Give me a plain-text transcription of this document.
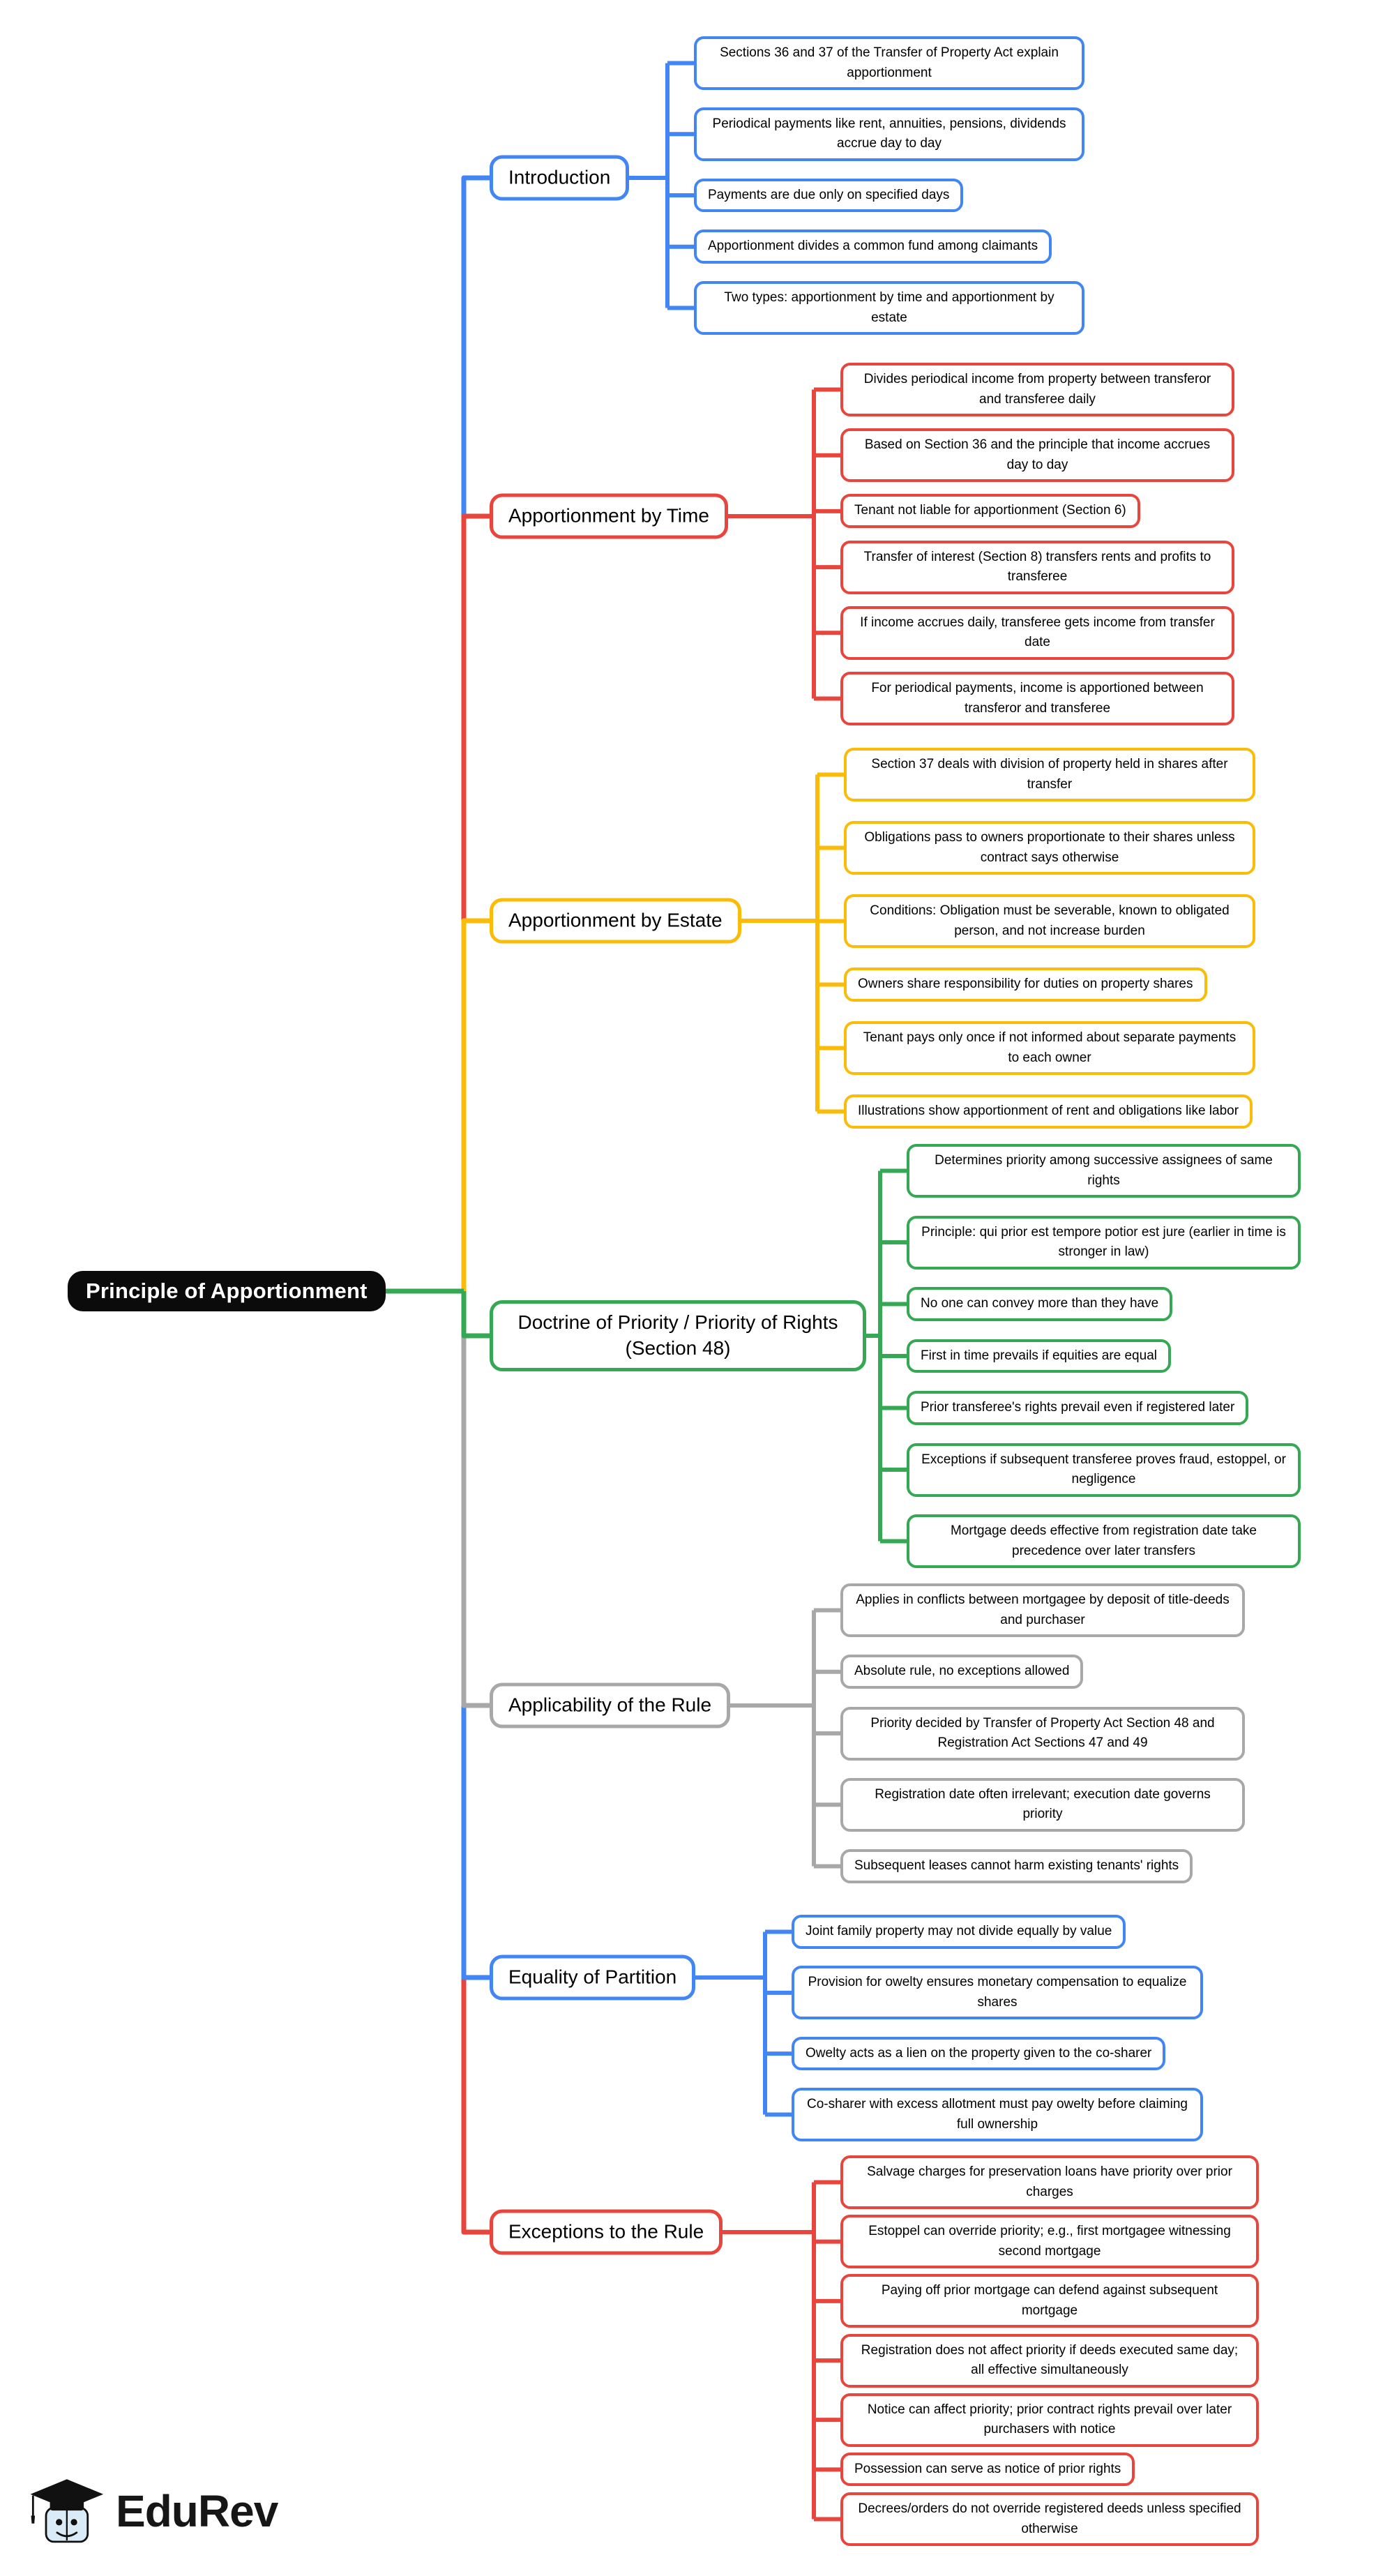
Principle of Apportionment
Introduction
Sections 36 and 37 of the Transfer of Property Act explain apportionment
Periodical payments like rent, annuities, pensions, dividends accrue day to day
Payments are due only on specified days
Apportionment divides a common fund among claimants
Two types: apportionment by time and apportionment by estate
Apportionment by Time
Divides periodical income from property between transferor and transferee daily
Based on Section 36 and the principle that income accrues day to day
Tenant not liable for apportionment (Section 6)
Transfer of interest (Section 8) transfers rents and profits to transferee
If income accrues daily, transferee gets income from transfer date
For periodical payments, income is apportioned between transferor and transferee
Apportionment by Estate
Section 37 deals with division of property held in shares after transfer
Obligations pass to owners proportionate to their shares unless contract says otherwise
Conditions: Obligation must be severable, known to obligated person, and not increase burden
Owners share responsibility for duties on property shares
Tenant pays only once if not informed about separate payments to each owner
Illustrations show apportionment of rent and obligations like labor
Doctrine of Priority / Priority of Rights (Section 48)
Determines priority among successive assignees of same rights
Principle: qui prior est tempore potior est jure (earlier in time is stronger in law)
No one can convey more than they have
First in time prevails if equities are equal
Prior transferee's rights prevail even if registered later
Exceptions if subsequent transferee proves fraud, estoppel, or negligence
Mortgage deeds effective from registration date take precedence over later transfers
Applicability of the Rule
Applies in conflicts between mortgagee by deposit of title-deeds and purchaser
Absolute rule, no exceptions allowed
Priority decided by Transfer of Property Act Section 48 and Registration Act Sections 47 and 49
Registration date often irrelevant; execution date governs priority
Subsequent leases cannot harm existing tenants' rights
Equality of Partition
Joint family property may not divide equally by value
Provision for owelty ensures monetary compensation to equalize shares
Owelty acts as a lien on the property given to the co-sharer
Co-sharer with excess allotment must pay owelty before claiming full ownership
Exceptions to the Rule
Salvage charges for preservation loans have priority over prior charges
Estoppel can override priority; e.g., first mortgagee witnessing second mortgage
Paying off prior mortgage can defend against subsequent mortgage
Registration does not affect priority if deeds executed same day; all effective simultaneously
Notice can affect priority; prior contract rights prevail over later purchasers with notice
Possession can serve as notice of prior rights
Decrees/orders do not override registered deeds unless specified otherwise
EduRev
